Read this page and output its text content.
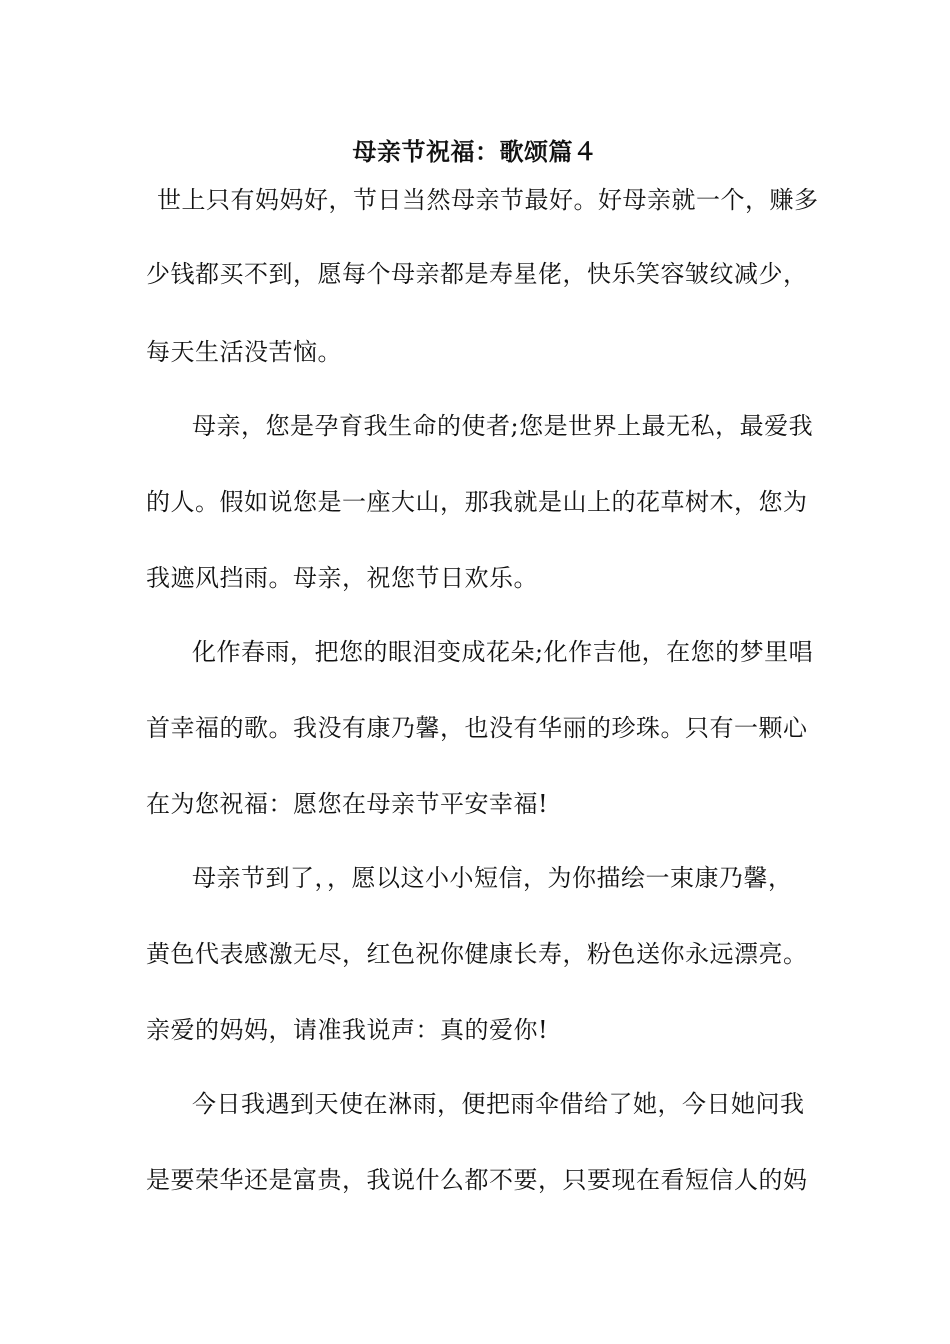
母亲节祝福：歌颂篇４
世上只有妈妈好，节日当然母亲节最好。好母亲就一个，赚多
少钱都买不到，愿每个母亲都是寿星佬，快乐笑容皱纹减少，
每天生活没苦恼。
母亲，您是孕育我生命的使者;您是世界上最无私，最爱我
的人。假如说您是一座大山，那我就是山上的花草树木，您为
我遮风挡雨。母亲，祝您节日欢乐。
化作春雨，把您的眼泪变成花朵;化作吉他，在您的梦里唱
首幸福的歌。我没有康乃馨，也没有华丽的珍珠。只有一颗心
在为您祝福：愿您在母亲节平安幸福!
母亲节到了，，愿以这小小短信，为你描绘一束康乃馨，
黄色代表感激无尽，红色祝你健康长寿，粉色送你永远漂亮。
亲爱的妈妈，请准我说声：真的爱你!
今日我遇到天使在淋雨，便把雨伞借给了她，今日她问我
是要荣华还是富贵，我说什么都不要，只要现在看短信人的妈
